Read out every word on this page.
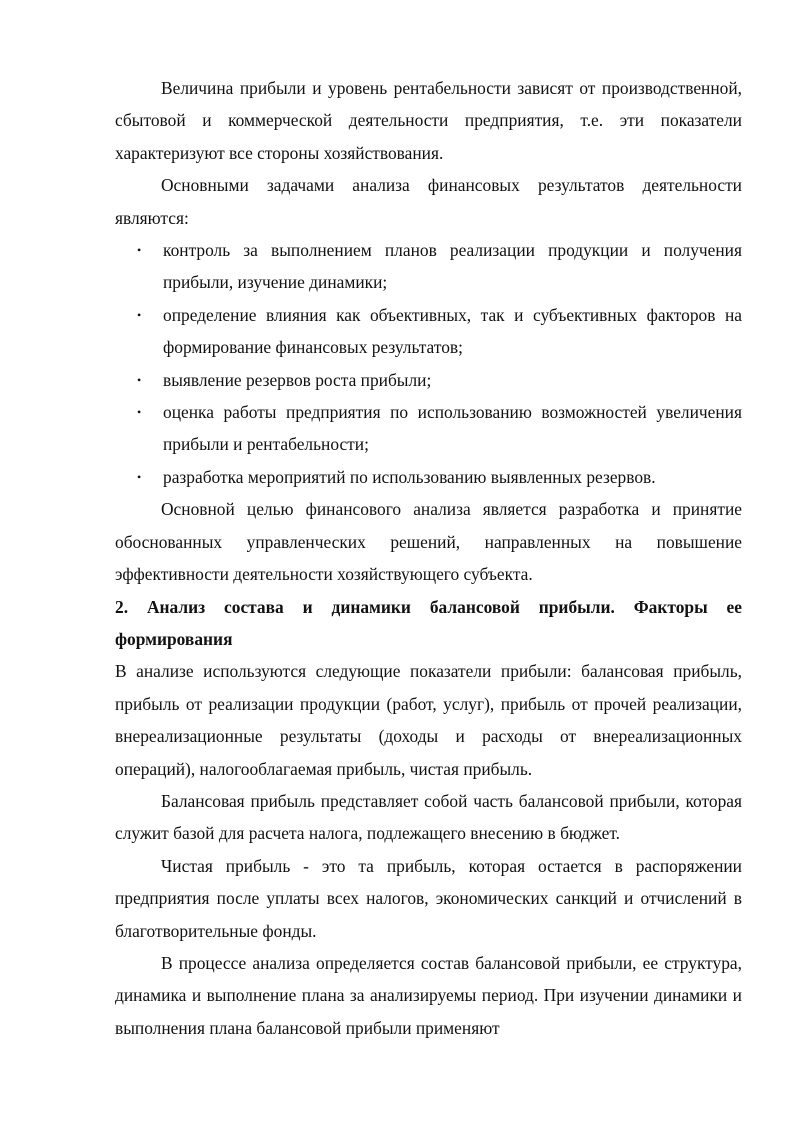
Величина прибыли и уровень рентабельности зависят от производственной, сбытовой и коммерческой деятельности предприятия, т.е. эти показатели характеризуют все стороны хозяйствования.

Основными задачами анализа финансовых результатов деятельности являются:

• контроль за выполнением планов реализации продукции и получения прибыли, изучение динамики;
• определение влияния как объективных, так и субъективных факторов на формирование финансовых результатов;
• выявление резервов роста прибыли;
• оценка работы предприятия по использованию возможностей увеличения прибыли и рентабельности;
• разработка мероприятий по использованию выявленных резервов.

Основной целью финансового анализа является разработка и принятие обоснованных управленческих решений, направленных на повышение эффективности деятельности хозяйствующего субъекта.

2. Анализ состава и динамики балансовой прибыли. Факторы ее формирования

В анализе используются следующие показатели прибыли: балансовая прибыль, прибыль от реализации продукции (работ, услуг), прибыль от прочей реализации, внереализационные результаты (доходы и расходы от внереализационных операций), налогооблагаемая прибыль, чистая прибыль.

Балансовая прибыль представляет собой часть балансовой прибыли, которая служит базой для расчета налога, подлежащего внесению в бюджет.

Чистая прибыль - это та прибыль, которая остается в распоряжении предприятия после уплаты всех налогов, экономических санкций и отчислений в благотворительные фонды.

В процессе анализа определяется состав балансовой прибыли, ее структура, динамика и выполнение плана за анализируемы период. При изучении динамики и выполнения плана балансовой прибыли применяют
